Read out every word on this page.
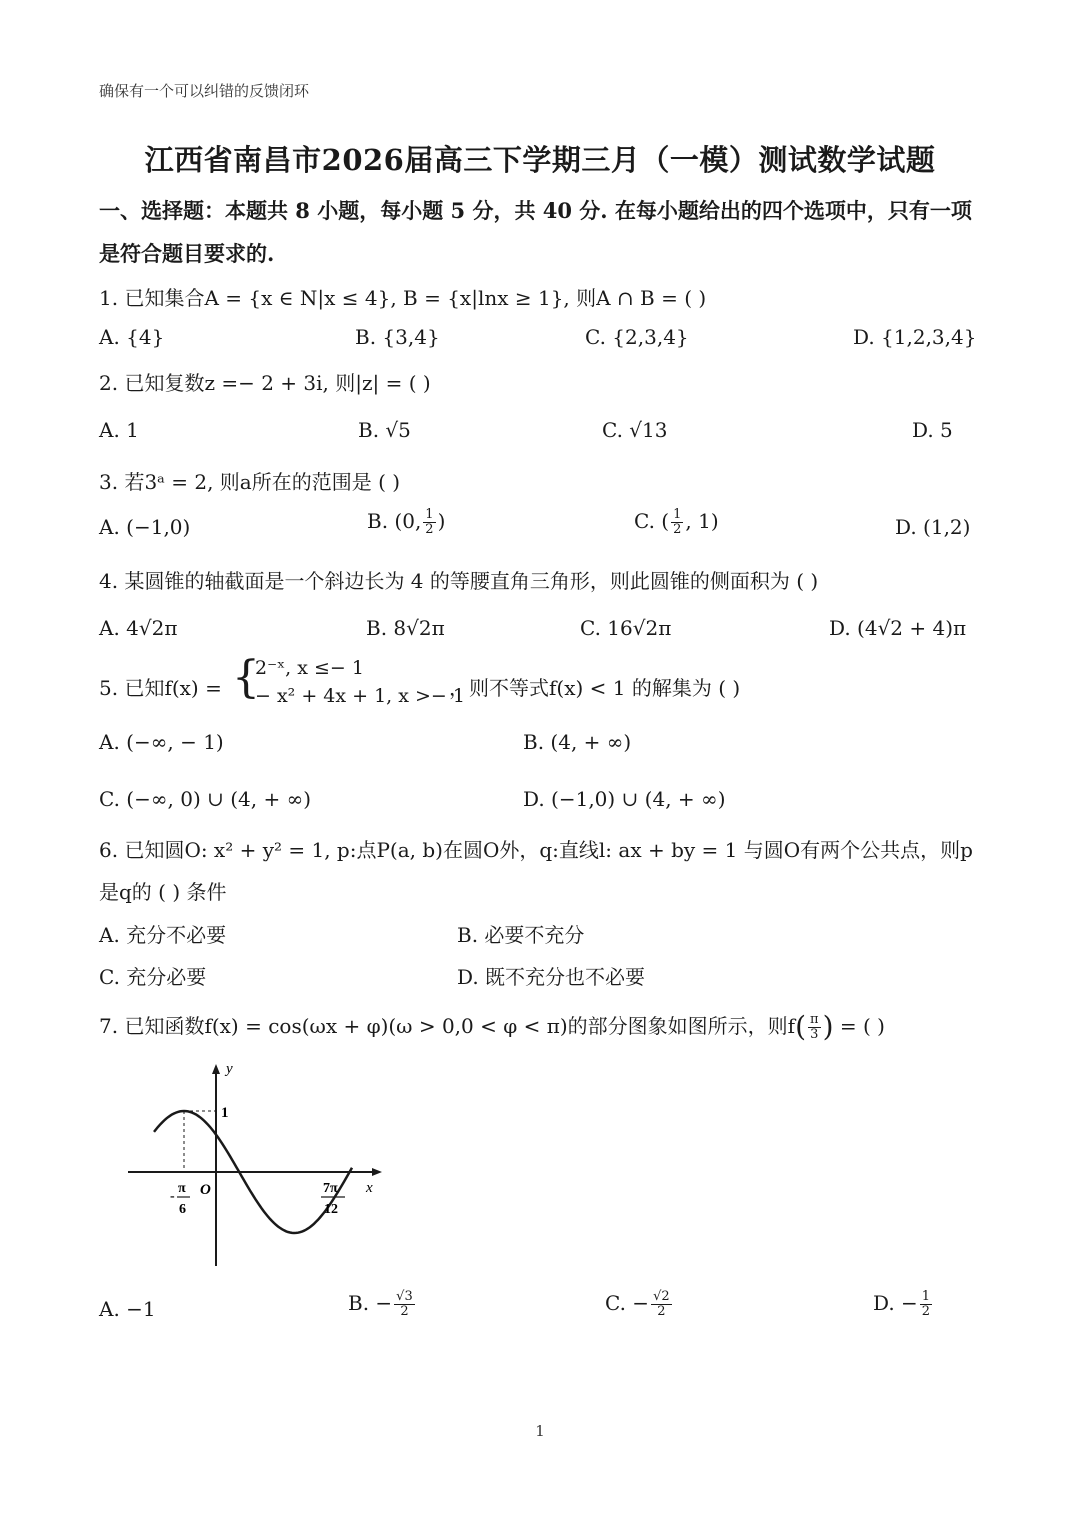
确保有一个可以纠错的反馈闭环
江西省南昌市2026届高三下学期三月（一模）测试数学试题
一、选择题：本题共 8 小题，每小题 5 分，共 40 分. 在每小题给出的四个选项中，只有一项
是符合题目要求的.
1. 已知集合A = {x ∈ N|x ≤ 4}, B = {x|lnx ≥ 1}, 则A ∩ B = ( )
A. {4}	B. {3,4}	C. {2,3,4}	D. {1,2,3,4}
2. 已知复数z =− 2 + 3i, 则|z| = ( )
A. 1	B. √5	C. √13	D. 5
3. 若3ᵃ = 2, 则a所在的范围是 ( )
A. (−1,0)	B. (0, $\frac{1}{2}$ )	C. ( $\frac{1}{2}$ , 1)	D. (1,2)
4. 某圆锥的轴截面是一个斜边长为 4 的等腰直角三角形，则此圆锥的侧面积为 ( )
A. 4√2π	B. 8√2π	C. 16√2π	D. (4√2 + 4)π
5. 已知f(x) = {
2⁻ˣ, x ≤− 1
− x² + 4x + 1, x >− 1
，则不等式f(x) < 1 的解集为 ( )
A. (−∞, − 1)	B. (4, + ∞)
C. (−∞, 0) ∪ (4, + ∞)	D. (−1,0) ∪ (4, + ∞)
6. 已知圆O: x² + y² = 1, p:点P(a, b)在圆O外，q:直线l: ax + by = 1 与圆O有两个公共点，则p
是q的 ( ) 条件
A. 充分不必要	B. 必要不充分
C. 充分必要	D. 既不充分也不必要
7. 已知函数f(x) = cos(ωx + φ)(ω > 0,0 < φ < π)的部分图象如图所示，则$f( \frac{\pi}{3}$ ) = ( )
y
x
O
1
-
π
6
7π
12
A. −1	B. − $\frac{√3}{2}$	C. − $\frac{√2}{2}$	D. − $\frac{1}{2}$
1
